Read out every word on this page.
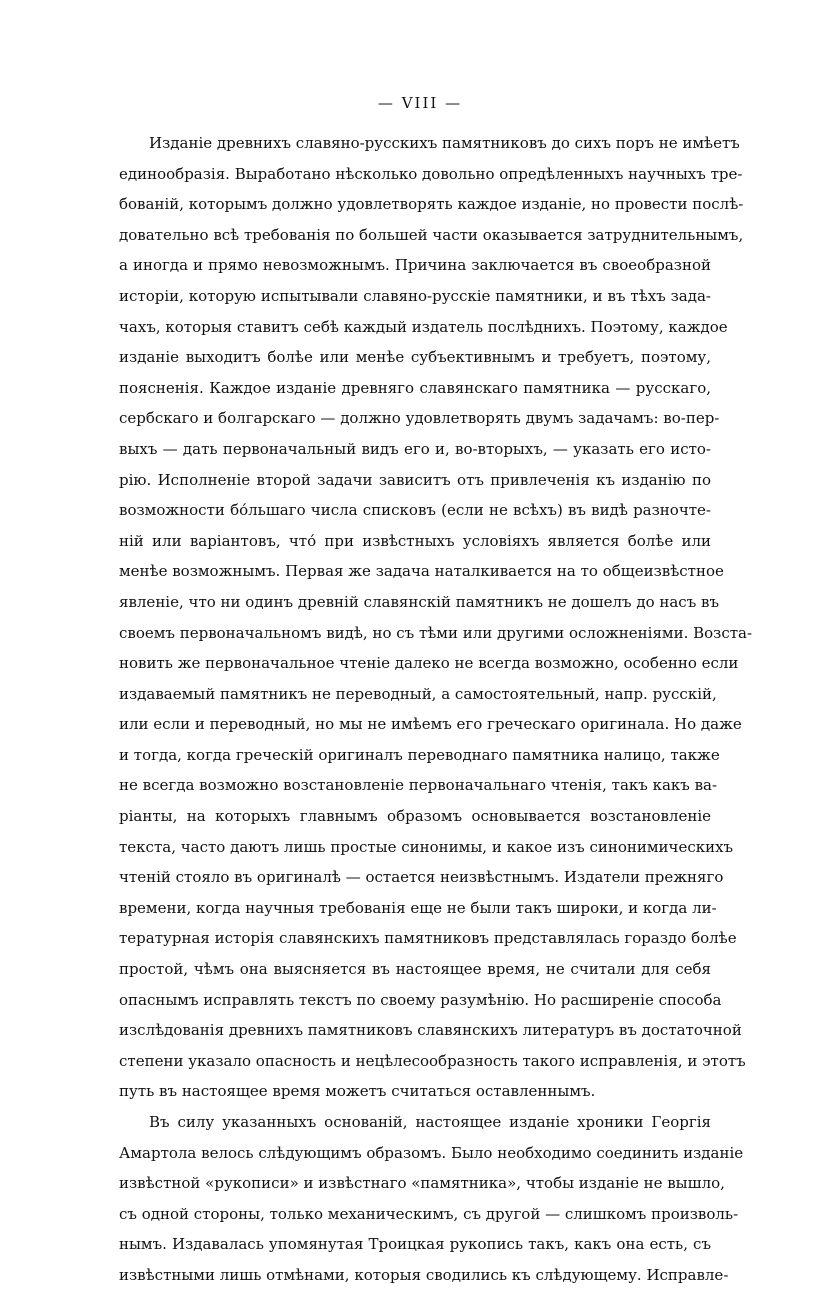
— VIII —
Изданіе древнихъ славяно-русскихъ памятниковъ до сихъ поръ не имѣетъ
единообразія. Выработано нѣсколько довольно опредѣленныхъ научныхъ тре-
бованій, которымъ должно удовлетворять каждое изданіе, но провести послѣ-
довательно всѣ требованія по большей части оказывается затруднительнымъ,
а иногда и прямо невозможнымъ. Причина заключается въ своеобразной
исторіи, которую испытывали славяно-русскіе памятники, и въ тѣхъ зада-
чахъ, которыя ставитъ себѣ каждый издатель послѣднихъ. Поэтому, каждое
изданіе выходитъ болѣе или менѣе субъективнымъ и требуетъ, поэтому,
поясненія. Каждое изданіе древняго славянскаго памятника — русскаго,
сербскаго и болгарскаго — должно удовлетворять двумъ задачамъ: во-пер-
выхъ — дать первоначальный видъ его и, во-вторыхъ, — указать его исто-
рію. Исполненіе второй задачи зависитъ отъ привлеченія къ изданію по
возможности бо́льшаго числа списковъ (если не всѣхъ) въ видѣ разночте-
ній или варіантовъ, что́ при извѣстныхъ условіяхъ является болѣе или
менѣе возможнымъ. Первая же задача наталкивается на то общеизвѣстное
явленіе, что ни одинъ древній славянскій памятникъ не дошелъ до насъ въ
своемъ первоначальномъ видѣ, но съ тѣми или другими осложненіями. Возста-
новить же первоначальное чтеніе далеко не всегда возможно, особенно если
издаваемый памятникъ не переводный, а самостоятельный, напр. русскій,
или если и переводный, но мы не имѣемъ его греческаго оригинала. Но даже
и тогда, когда греческій оригиналъ переводнаго памятника налицо, также
не всегда возможно возстановленіе первоначальнаго чтенія, такъ какъ ва-
ріанты, на которыхъ главнымъ образомъ основывается возстановленіе
текста, часто даютъ лишь простые синонимы, и какое изъ синонимическихъ
чтеній стояло въ оригиналѣ — остается неизвѣстнымъ. Издатели прежняго
времени, когда научныя требованія еще не были такъ широки, и когда ли-
тературная исторія славянскихъ памятниковъ представлялась гораздо болѣе
простой, чѣмъ она выясняется въ настоящее время, не считали для себя
опаснымъ исправлять текстъ по своему разумѣнію. Но расширеніе способа
изслѣдованія древнихъ памятниковъ славянскихъ литературъ въ достаточной
степени указало опасность и нецѣлесообразность такого исправленія, и этотъ
путь въ настоящее время можетъ считаться оставленнымъ.
Въ силу указанныхъ основаній, настоящее изданіе хроники Георгія
Амартола велось слѣдующимъ образомъ. Было необходимо соединить изданіе
извѣстной «рукописи» и извѣстнаго «памятника», чтобы изданіе не вышло,
съ одной стороны, только механическимъ, съ другой — слишкомъ произволь-
нымъ. Издавалась упомянутая Троицкая рукопись такъ, какъ она есть, съ
извѣстными лишь отмѣнами, которыя сводились къ слѣдующему. Исправле-
